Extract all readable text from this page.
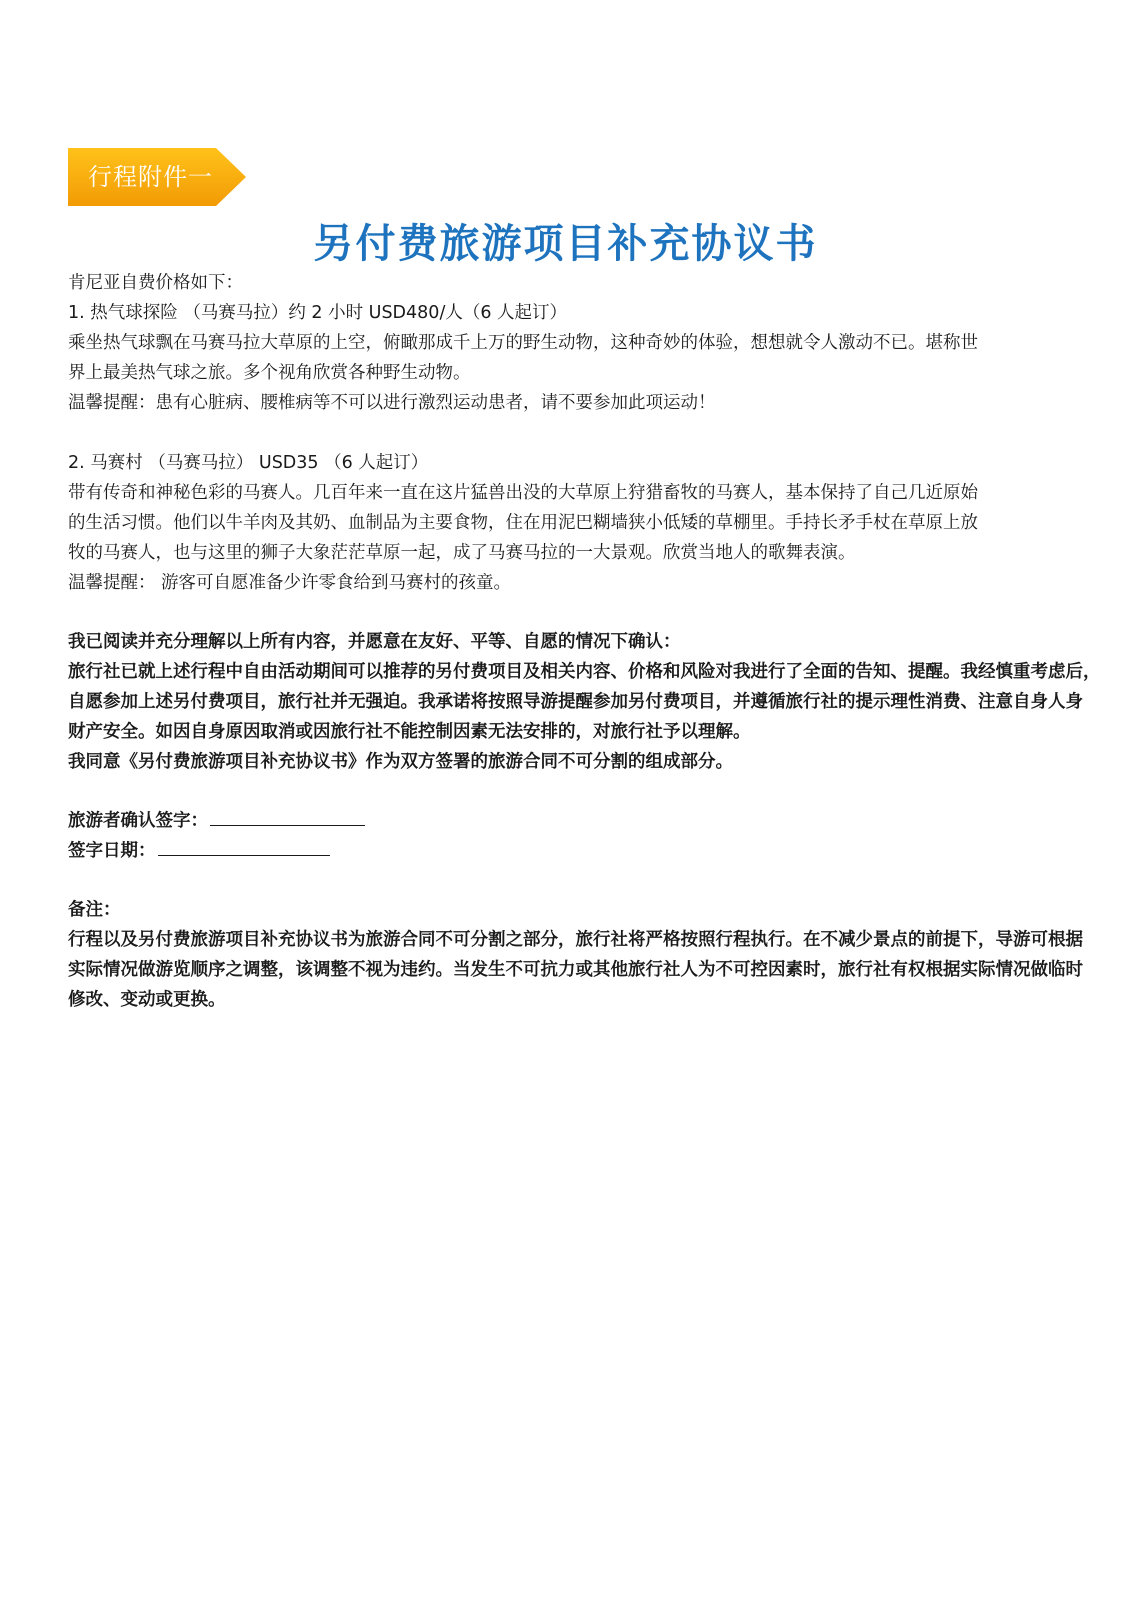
行程附件一
另付费旅游项目补充协议书

肯尼亚自费价格如下：

1. 热气球探险 （马赛马拉）约 2 小时 USD480/人（6 人起订）

乘坐热气球飘在马赛马拉大草原的上空，俯瞰那成千上万的野生动物，这种奇妙的体验，想想就令人激动不已。堪称世

界上最美热气球之旅。多个视角欣赏各种野生动物。

温馨提醒：患有心脏病、腰椎病等不可以进行激烈运动患者，请不要参加此项运动！

2. 马赛村 （马赛马拉） USD35 （6 人起订）

带有传奇和神秘色彩的马赛人。几百年来一直在这片猛兽出没的大草原上狩猎畜牧的马赛人，基本保持了自己几近原始

的生活习惯。他们以牛羊肉及其奶、血制品为主要食物，住在用泥巴糊墙狭小低矮的草棚里。手持长矛手杖在草原上放

牧的马赛人，也与这里的狮子大象茫茫草原一起，成了马赛马拉的一大景观。欣赏当地人的歌舞表演。

温馨提醒： 游客可自愿准备少许零食给到马赛村的孩童。

我已阅读并充分理解以上所有内容，并愿意在友好、平等、自愿的情况下确认：

旅行社已就上述行程中自由活动期间可以推荐的另付费项目及相关内容、价格和风险对我进行了全面的告知、提醒。我经慎重考虑后，

自愿参加上述另付费项目，旅行社并无强迫。我承诺将按照导游提醒参加另付费项目，并遵循旅行社的提示理性消费、注意自身人身

财产安全。如因自身原因取消或因旅行社不能控制因素无法安排的，对旅行社予以理解。

我同意《另付费旅游项目补充协议书》作为双方签署的旅游合同不可分割的组成部分。

旅游者确认签字：

签字日期：

备注：

行程以及另付费旅游项目补充协议书为旅游合同不可分割之部分，旅行社将严格按照行程执行。在不减少景点的前提下，导游可根据

实际情况做游览顺序之调整，该调整不视为违约。当发生不可抗力或其他旅行社人为不可控因素时，旅行社有权根据实际情况做临时

修改、变动或更换。
